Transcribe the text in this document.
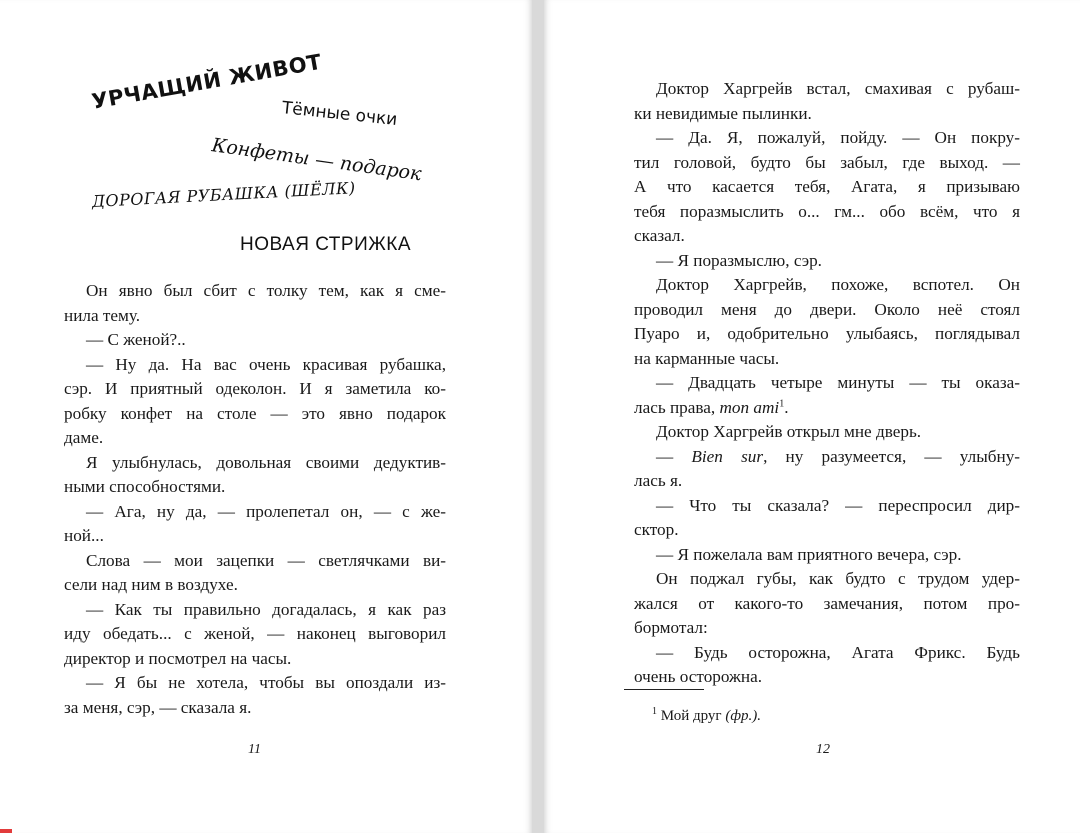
УРЧАЩИЙ ЖИВОТ
Тёмные очки
Конфеты — подарок
ДОРОГАЯ РУБАШКА (ШЁЛК)
НОВАЯ СТРИЖКА
Он явно был сбит с толку тем, как я сме-
нила тему.
— С женой?..
— Ну да. На вас очень красивая рубашка,
сэр. И приятный одеколон. И я заметила ко-
робку конфет на столе — это явно подарок
даме.
Я улыбнулась, довольная своими дедуктив-
ными способностями.
— Ага, ну да, — пролепетал он, — с же-
ной...
Слова — мои зацепки — светлячками ви-
сели над ним в воздухе.
— Как ты правильно догадалась, я как раз
иду обедать... с женой, — наконец выговорил
директор и посмотрел на часы.
— Я бы не хотела, чтобы вы опоздали из-
за меня, сэр, — сказала я.
11
Доктор Харгрейв встал, смахивая с рубаш-
ки невидимые пылинки.
— Да. Я, пожалуй, пойду. — Он покру-
тил головой, будто бы забыл, где выход. —
А что касается тебя, Агата, я призываю
тебя поразмыслить о... гм... обо всём, что я
сказал.
— Я поразмыслю, сэр.
Доктор Харгрейв, похоже, вспотел. Он
проводил меня до двери. Около неё стоял
Пуаро и, одобрительно улыбаясь, поглядывал
на карманные часы.
— Двадцать четыре минуты — ты оказа-
лась права, mon ami$^1$.
Доктор Харгрейв открыл мне дверь.
— Bien sur, ну разумеется, — улыбну-
лась я.
— Что ты сказала? — переспросил дир-
сктор.
— Я пожелала вам приятного вечера, сэр.
Он поджал губы, как будто с трудом удер-
жался от какого-то замечания, потом про-
бормотал:
— Будь осторожна, Агата Фрикс. Будь
очень осторожна.
$^1$ Мой друг (фр.).
12
